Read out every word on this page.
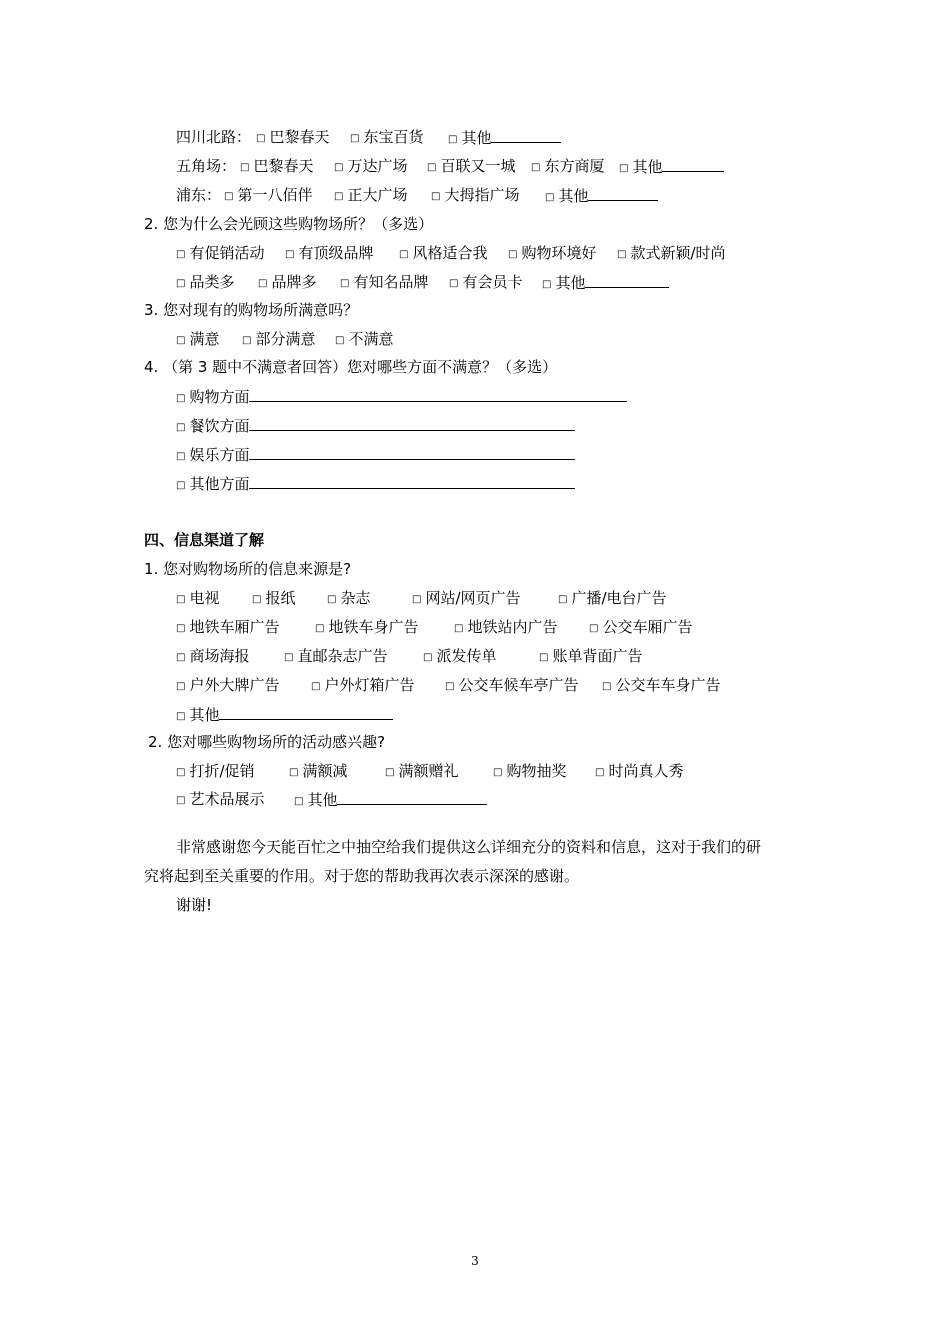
四川北路： □ 巴黎春天 □ 东宝百货 □ 其他
五角场： □ 巴黎春天 □ 万达广场 □ 百联又一城 □ 东方商厦 □ 其他
浦东： □ 第一八佰伴 □ 正大广场 □ 大拇指广场	□ 其他
2. 您为什么会光顾这些购物场所？（多选）
□ 有促销活动 □ 有顶级品牌	□ 风格适合我 □ 购物环境好 □ 款式新颖/时尚
□ 品类多 □ 品牌多 □ 有知名品牌 □ 有会员卡 □ 其他
3. 您对现有的购物场所满意吗？
□ 满意 □ 部分满意 □ 不满意
4. （第 3 题中不满意者回答）您对哪些方面不满意？（多选）
□ 购物方面
□ 餐饮方面
□ 娱乐方面
□ 其他方面
四、信息渠道了解
1. 您对购物场所的信息来源是?
□ 电视	□ 报纸	□ 杂志	□ 网站/网页广告	□ 广播/电台广告
□ 地铁车厢广告	□ 地铁车身广告	□ 地铁站内广告	□ 公交车厢广告
□ 商场海报	□ 直邮杂志广告	□ 派发传单	□ 账单背面广告
□ 户外大牌广告	□ 户外灯箱广告	□ 公交车候车亭广告 □ 公交车车身广告
□ 其他
2. 您对哪些购物场所的活动感兴趣?
□ 打折/促销	□ 满额减	□ 满额赠礼	□ 购物抽奖	□ 时尚真人秀
□ 艺术品展示	□ 其他
非常感谢您今天能百忙之中抽空给我们提供这么详细充分的资料和信息，这对于我们的研
究将起到至关重要的作用。对于您的帮助我再次表示深深的感谢。
谢谢!
3
